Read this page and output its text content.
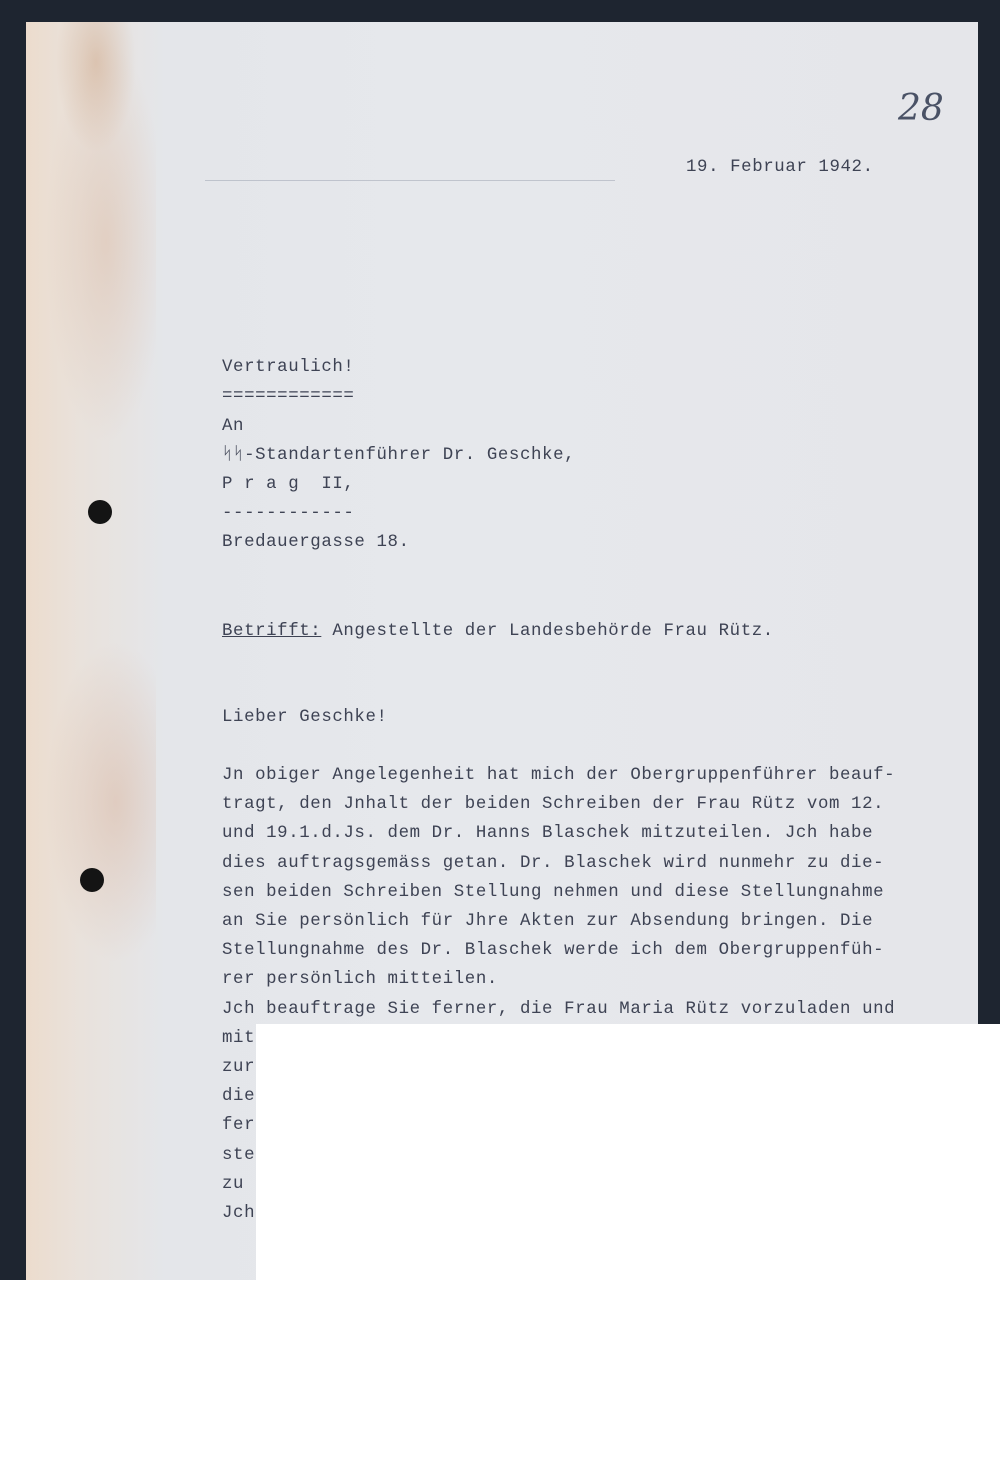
28
19. Februar 1942.
Vertraulich!
============
An
ᛋᛋ-Standartenführer Dr. Geschke,
P r a g  II,
------------
Bredauergasse 18.
Betrifft: Angestellte der Landesbehörde Frau Rütz.
Lieber Geschke!
Jn obiger Angelegenheit hat mich der Obergruppenführer beauf-
tragt, den Jnhalt der beiden Schreiben der Frau Rütz vom 12.
und 19.1.d.Js. dem Dr. Hanns Blaschek mitzuteilen. Jch habe
dies auftragsgemäss getan. Dr. Blaschek wird nunmehr zu die-
sen beiden Schreiben Stellung nehmen und diese Stellungnahme
an Sie persönlich für Jhre Akten zur Absendung bringen. Die
Stellungnahme des Dr. Blaschek werde ich dem Obergruppenfüh-
rer persönlich mitteilen.
Jch beauftrage Sie ferner, die Frau Maria Rütz vorzuladen und
mit
zur
die
fer
ste
zu
Jch
